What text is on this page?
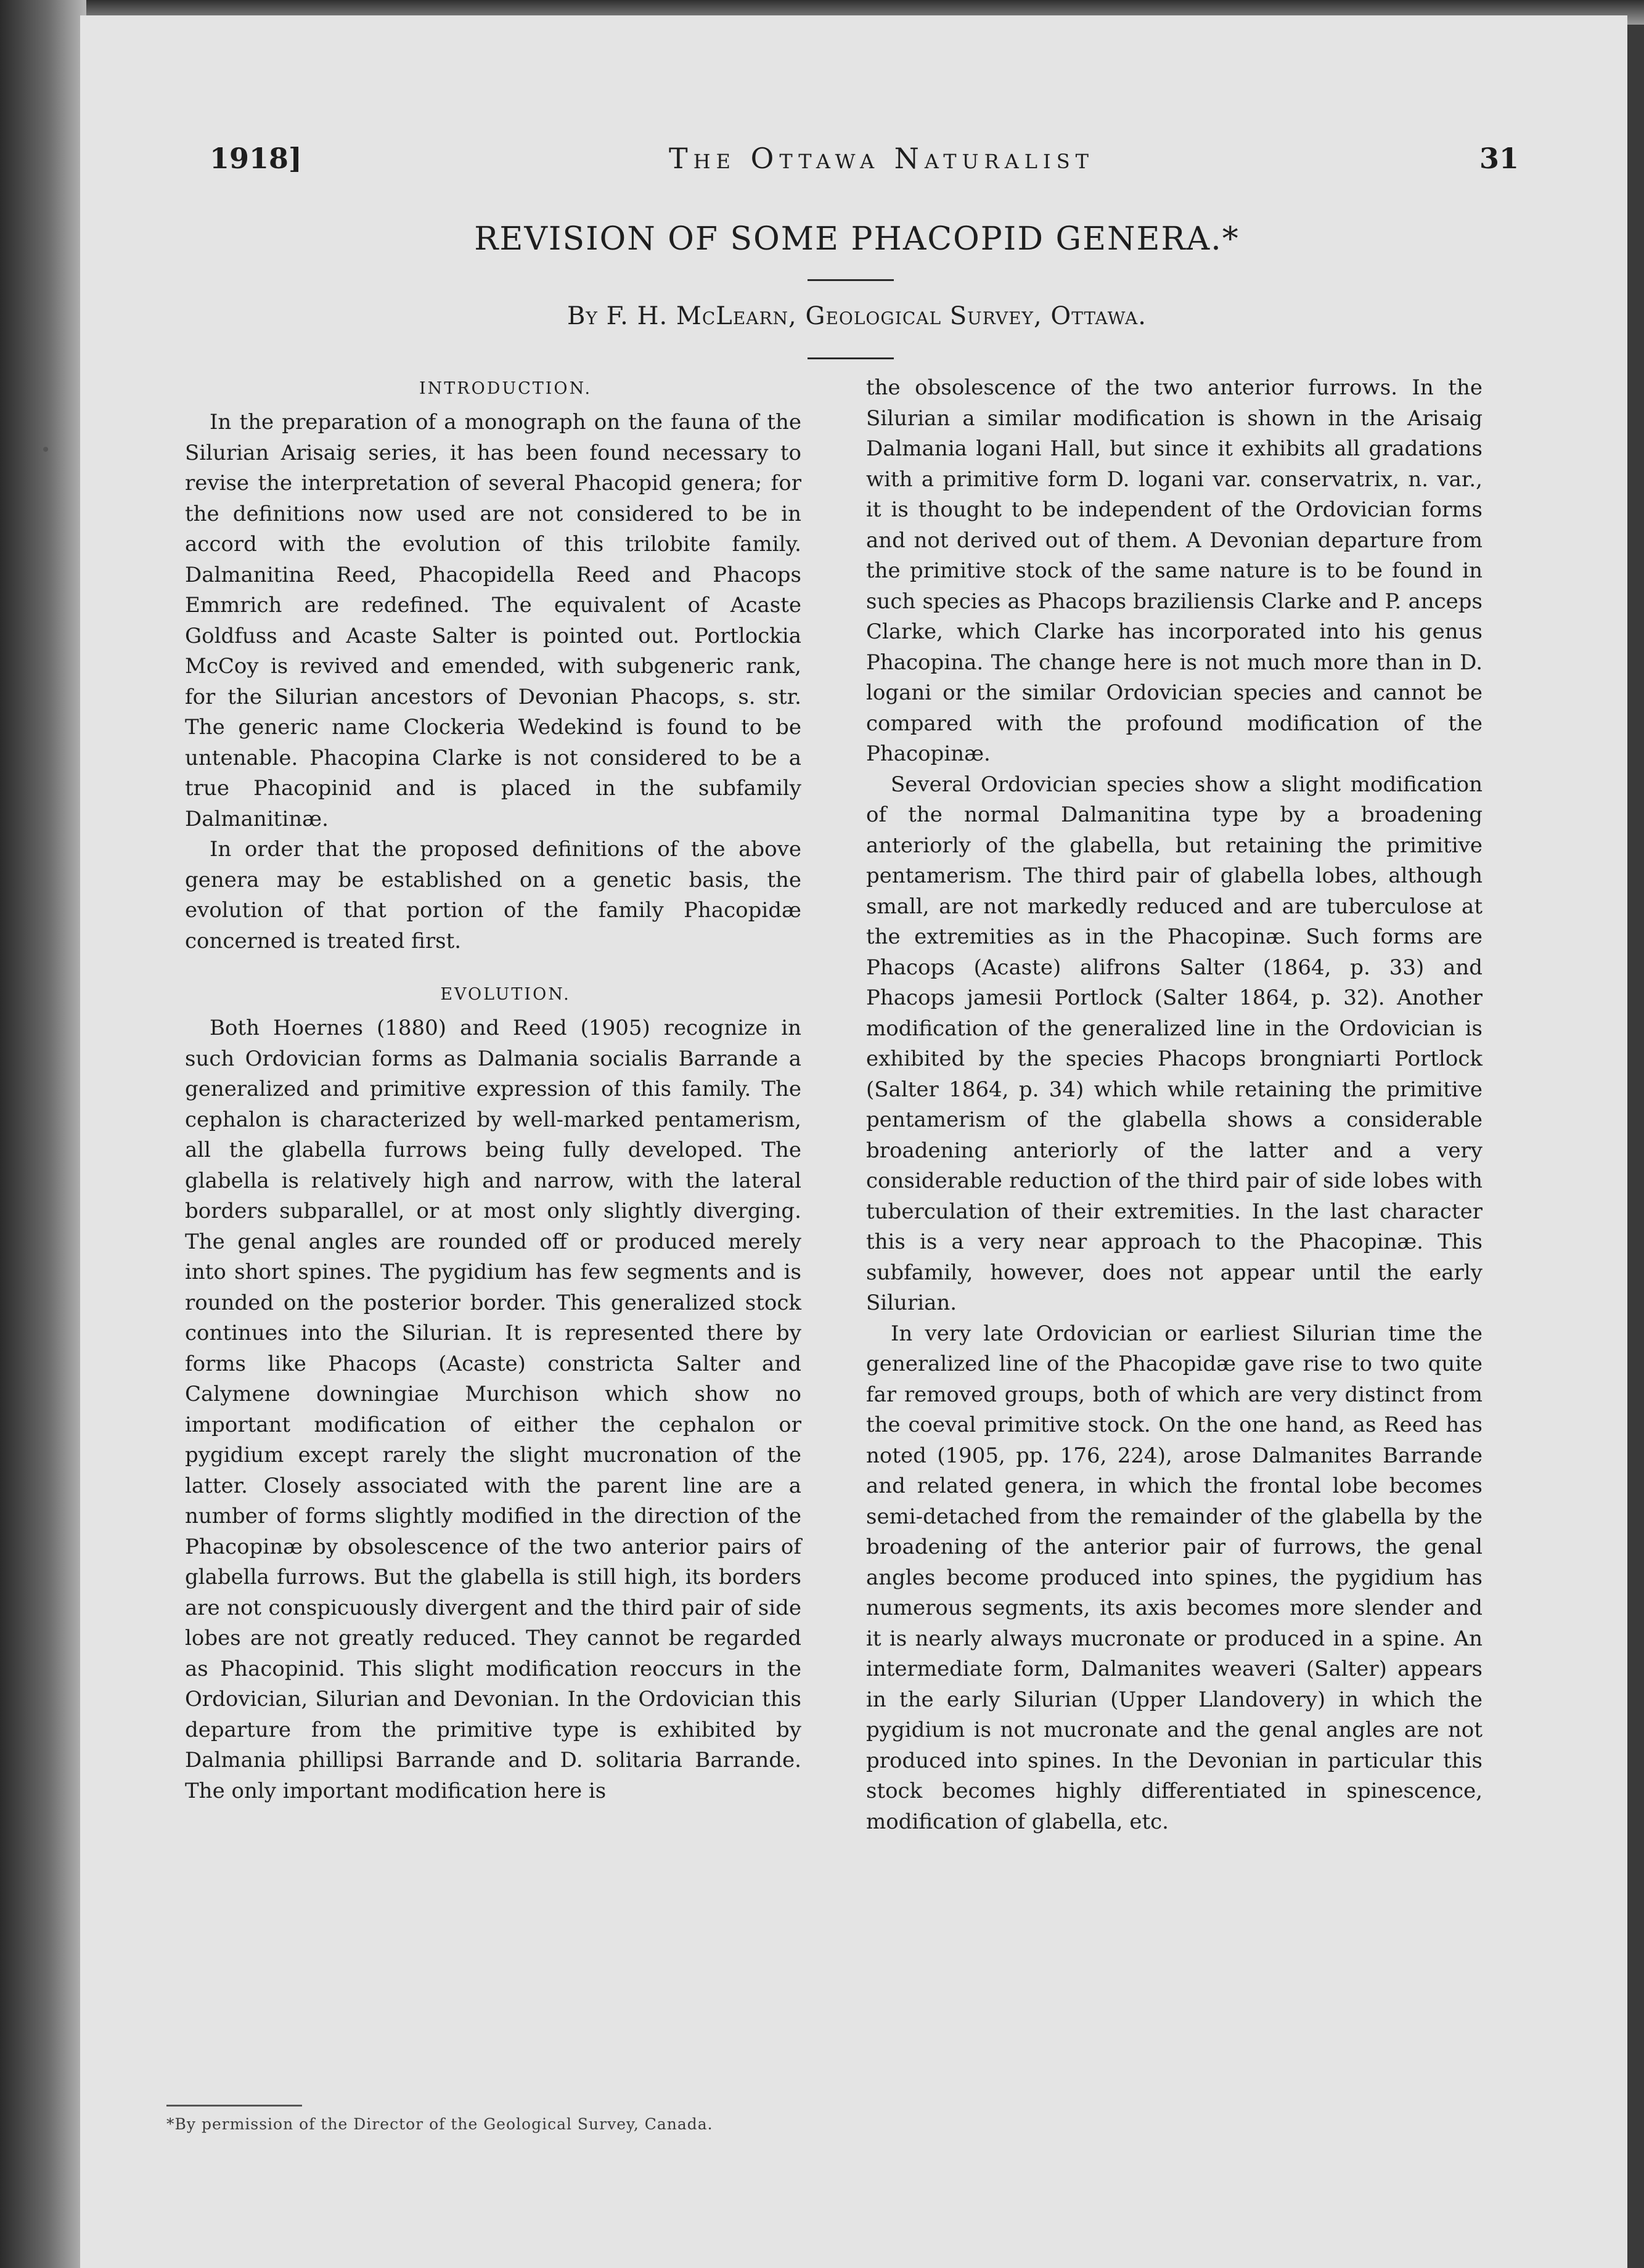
1918]	The Ottawa Naturalist	31
REVISION OF SOME PHACOPID GENERA.*
By F. H. McLearn, Geological Survey, Ottawa.

INTRODUCTION.

In the preparation of a monograph on the fauna of the Silurian Arisaig series, it has been found necessary to revise the interpretation of several Phacopid genera; for the definitions now used are not considered to be in accord with the evolution of this trilobite family. Dalmanitina Reed, Phacopidella Reed and Phacops Emmrich are redefined. The equivalent of Acaste Goldfuss and Acaste Salter is pointed out. Portlockia McCoy is revived and emended, with subgeneric rank, for the Silurian ancestors of Devonian Phacops, s. str. The generic name Clockeria Wedekind is found to be untenable. Phacopina Clarke is not considered to be a true Phacopinid and is placed in the subfamily Dalmanitinæ.

In order that the proposed definitions of the above genera may be established on a genetic basis, the evolution of that portion of the family Phacopidæ concerned is treated first.

EVOLUTION.

Both Hoernes (1880) and Reed (1905) recognize in such Ordovician forms as Dalmania socialis Barrande a generalized and primitive expression of this family. The cephalon is characterized by well-marked pentamerism, all the glabella furrows being fully developed. The glabella is relatively high and narrow, with the lateral borders subparallel, or at most only slightly diverging. The genal angles are rounded off or produced merely into short spines. The pygidium has few segments and is rounded on the posterior border. This generalized stock continues into the Silurian. It is represented there by forms like Phacops (Acaste) constricta Salter and Calymene downingiae Murchison which show no important modification of either the cephalon or pygidium except rarely the slight mucronation of the latter. Closely associated with the parent line are a number of forms slightly modified in the direction of the Phacopinæ by obsolescence of the two anterior pairs of glabella furrows. But the glabella is still high, its borders are not conspicuously divergent and the third pair of side lobes are not greatly reduced. They cannot be regarded as Phacopinid. This slight modification reoccurs in the Ordovician, Silurian and Devonian. In the Ordovician this departure from the primitive type is exhibited by Dalmania phillipsi Barrande and D. solitaria Barrande. The only important modification here is

the obsolescence of the two anterior furrows. In the Silurian a similar modification is shown in the Arisaig Dalmania logani Hall, but since it exhibits all gradations with a primitive form D. logani var. conservatrix, n. var., it is thought to be independent of the Ordovician forms and not derived out of them. A Devonian departure from the primitive stock of the same nature is to be found in such species as Phacops braziliensis Clarke and P. anceps Clarke, which Clarke has incorporated into his genus Phacopina. The change here is not much more than in D. logani or the similar Ordovician species and cannot be compared with the profound modification of the Phacopinæ.

Several Ordovician species show a slight modification of the normal Dalmanitina type by a broadening anteriorly of the glabella, but retaining the primitive pentamerism. The third pair of glabella lobes, although small, are not markedly reduced and are tuberculose at the extremities as in the Phacopinæ. Such forms are Phacops (Acaste) alifrons Salter (1864, p. 33) and Phacops jamesii Portlock (Salter 1864, p. 32). Another modification of the generalized line in the Ordovician is exhibited by the species Phacops brongniarti Portlock (Salter 1864, p. 34) which while retaining the primitive pentamerism of the glabella shows a considerable broadening anteriorly of the latter and a very considerable reduction of the third pair of side lobes with tuberculation of their extremities. In the last character this is a very near approach to the Phacopinæ. This subfamily, however, does not appear until the early Silurian.

In very late Ordovician or earliest Silurian time the generalized line of the Phacopidæ gave rise to two quite far removed groups, both of which are very distinct from the coeval primitive stock. On the one hand, as Reed has noted (1905, pp. 176, 224), arose Dalmanites Barrande and related genera, in which the frontal lobe becomes semi-detached from the remainder of the glabella by the broadening of the anterior pair of furrows, the genal angles become produced into spines, the pygidium has numerous segments, its axis becomes more slender and it is nearly always mucronate or produced in a spine. An intermediate form, Dalmanites weaveri (Salter) appears in the early Silurian (Upper Llandovery) in which the pygidium is not mucronate and the genal angles are not produced into spines. In the Devonian in particular this stock becomes highly differentiated in spinescence, modification of glabella, etc.

*By permission of the Director of the Geological Survey, Canada.
